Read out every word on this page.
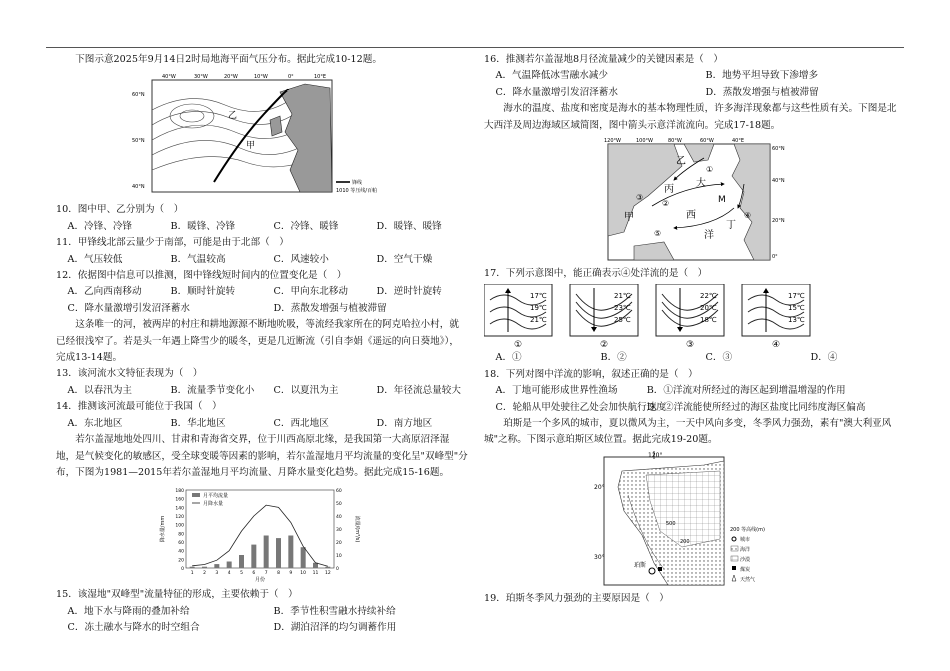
下图示意2025年9月14日2时局地海平面气压分布。据此完成10-12题。

甲
乙
40°W	30°W	20°W	10°W	0°	10°E
60°N
50°N
40°N
锋线
1010 等压线/百帕

10．图中甲、乙分别为（　）

A．冷锋、冷锋	B．暖锋、冷锋	C．冷锋、暖锋	D．暖锋、暖锋

11．甲锋线北部云量少于南部，可能是由于北部（　）

A．气压较低	B．气温较高	C．风速较小	D．空气干燥

12．依据图中信息可以推测，图中锋线短时间内的位置变化是（　）

A．乙向西南移动	B．顺时针旋转	C．甲向东北移动	D．逆时针旋转
C．降水量激增引发沼泽蓄水	D．蒸散发增强与植被滞留

这条唯一的河，被两岸的村庄和耕地源源不断地吮吸，等流经我家所在的阿克哈拉小村，就已经很浅窄了。若是头一年遇上降雪少的暖冬，更是几近断流（引自李娟《遥远的向日葵地》），完成13-14题。

13．该河流水文特征表现为（　）

A．以春汛为主	B．流量季节变化小	C．以夏汛为主	D．年径流总量较大

14．推测该河流最可能位于我国（　）

A．东北地区	B．华北地区	C．西北地区	D．南方地区

若尔盖湿地地处四川、甘肃和青海省交界，位于川西高原北缘，是我国第一大高原沼泽湿地，是气候变化的敏感区，受全球变暖等因素的影响，若尔盖湿地月平均流量的变化呈"双峰型"分布，下图为1981—2015年若尔盖湿地月平均流量、月降水量变化趋势。据此完成15-16题。

0
20
40
60
80
100
120
140
160
180
0
10
20
30
40
50
60
1 2 3 4 5 6 7 8 9 10 11 12
月份
降水量/mm	流量/(m³/s)
月平均流量
月降水量

15．该湿地"双峰型"流量特征的形成，主要依赖于（　）

A．地下水与降雨的叠加补给	B．季节性积雪融水持续补给
C．冻土融水与降水的时空组合	D．湖泊沼泽的均匀调蓄作用

16．推测若尔盖湿地8月径流量减少的关键因素是（　）

A．气温降低冰雪融水减少	B．地势平坦导致下渗增多
C．降水量激增引发沼泽蓄水	D．蒸散发增强与植被滞留

海水的温度、盐度和密度是海水的基本物理性质，许多海洋现象都与这些性质有关。下图是北大西洋及周边海域区域简图，图中箭头示意洋流流向。完成17-18题。

乙
丙
大
M
西
甲
洋
丁
①
②
③
④
⑤
120°W	100°W	80°W	60°W	40°E
60°N
40°N
20°N
0°

17．下列示意图中，能正确表示④处洋流的是（　）

17℃
19℃
21℃
①
21℃
23℃
25℃
②
22℃
20℃
18℃
③
17℃
15℃
13℃
④
A．①	B．②	C．③	D．④

18．下列对图中洋流的影响，叙述正确的是（　）

A．丁地可能形成世界性渔场	B．①洋流对所经过的海区起到增温增湿的作用
C．轮船从甲处驶往乙处会加快航行速度
D．②洋流能使所经过的海区盐度比同纬度海区偏高

珀斯是一个多风的城市，夏以微风为主，一天中风向多变，冬季风力强劲，素有"澳大利亚风城"之称。下图示意珀斯区域位置。据此完成19-20题。

120°
20°
30°
珀斯
200
500
200 等高线(m)
城市
海洋
沙漠
煤炭
天然气

19．珀斯冬季风力强劲的主要原因是（　）
